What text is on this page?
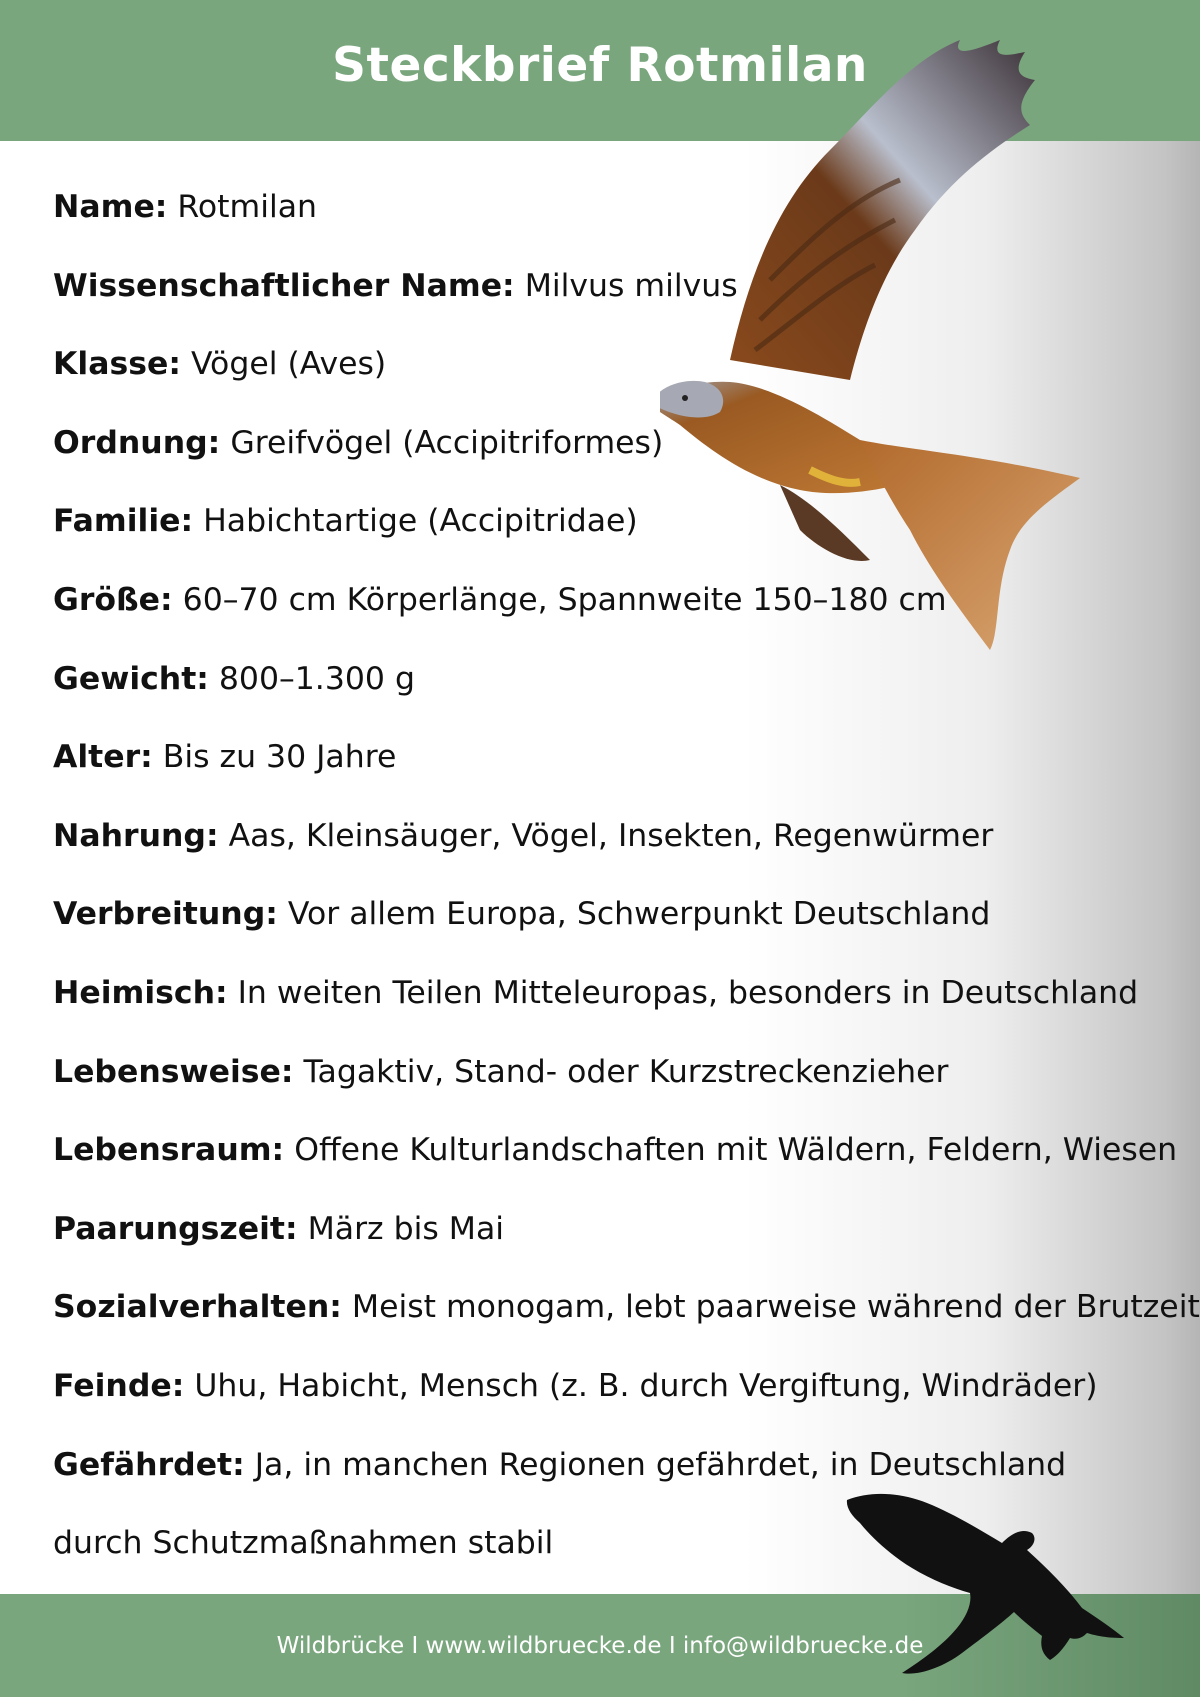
Steckbrief Rotmilan
Name: Rotmilan
Wissenschaftlicher Name: Milvus milvus
Klasse: Vögel (Aves)
Ordnung: Greifvögel (Accipitriformes)
Familie: Habichtartige (Accipitridae)
Größe: 60–70 cm Körperlänge, Spannweite 150–180 cm
Gewicht: 800–1.300 g
Alter: Bis zu 30 Jahre
Nahrung: Aas, Kleinsäuger, Vögel, Insekten, Regenwürmer
Verbreitung: Vor allem Europa, Schwerpunkt Deutschland
Heimisch: In weiten Teilen Mitteleuropas, besonders in Deutschland
Lebensweise: Tagaktiv, Stand- oder Kurzstreckenzieher
Lebensraum: Offene Kulturlandschaften mit Wäldern, Feldern, Wiesen
Paarungszeit: März bis Mai
Sozialverhalten: Meist monogam, lebt paarweise während der Brutzeit
Feinde: Uhu, Habicht, Mensch (z. B. durch Vergiftung, Windräder)
Gefährdet: Ja, in manchen Regionen gefährdet, in Deutschland durch Schutzmaßnahmen stabil
Wildbrücke I www.wildbruecke.de I info@wildbruecke.de
